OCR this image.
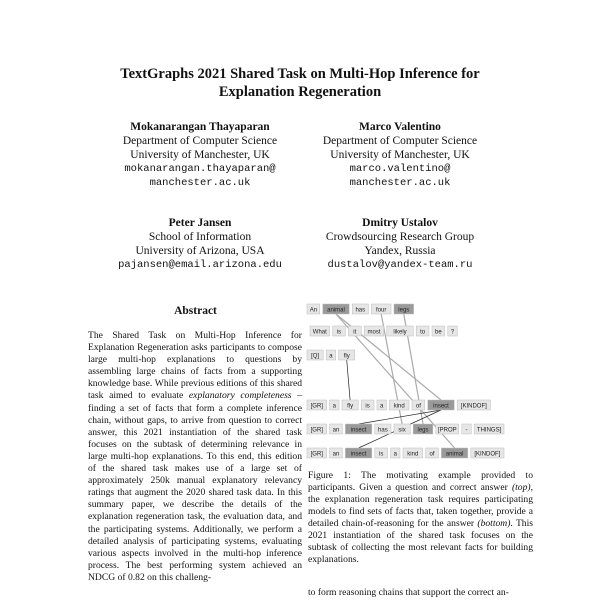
TextGraphs 2021 Shared Task on Multi-Hop Inference for
Explanation Regeneration
Mokanarangan Thayaparan
Department of Computer Science
University of Manchester, UK
mokanarangan.thayaparan@
manchester.ac.uk
Marco Valentino
Department of Computer Science
University of Manchester, UK
marco.valentino@
manchester.ac.uk
Peter Jansen
School of Information
University of Arizona, USA
pajansen@email.arizona.edu
Dmitry Ustalov
Crowdsourcing Research Group
Yandex, Russia
dustalov@yandex-team.ru
Abstract
The Shared Task on Multi-Hop Inference for Explanation Regeneration asks participants to compose large multi-hop explanations to questions by assembling large chains of facts from a supporting knowledge base. While previous editions of this shared task aimed to evaluate explanatory completeness – finding a set of facts that form a complete inference chain, without gaps, to arrive from question to correct answer, this 2021 instantiation of the shared task focuses on the subtask of determining relevance in large multi-hop explanations. To this end, this edition of the shared task makes use of a large set of approximately 250k manual explanatory relevancy ratings that augment the 2020 shared task data. In this summary paper, we describe the details of the explanation regeneration task, the evaluation data, and the participating systems. Additionally, we perform a detailed analysis of participating systems, evaluating various aspects involved in the multi-hop inference process. The best performing system achieved an NDCG of 0.82 on this challeng-
An animal has four legs
What is it most likely to be ?
[Q] a fly
[GR] a fly is a kind of insect [KINDOF]
[GR] an insect has six legs [PROP - THINGS]
[GR] an insect is a kind of animal [KINDOF]
Figure 1: The motivating example provided to participants. Given a question and correct answer (top), the explanation regeneration task requires participating models to find sets of facts that, taken together, provide a detailed chain-of-reasoning for the answer (bottom). This 2021 instantiation of the shared task focuses on the subtask of collecting the most relevant facts for building explanations.
to form reasoning chains that support the correct an-
